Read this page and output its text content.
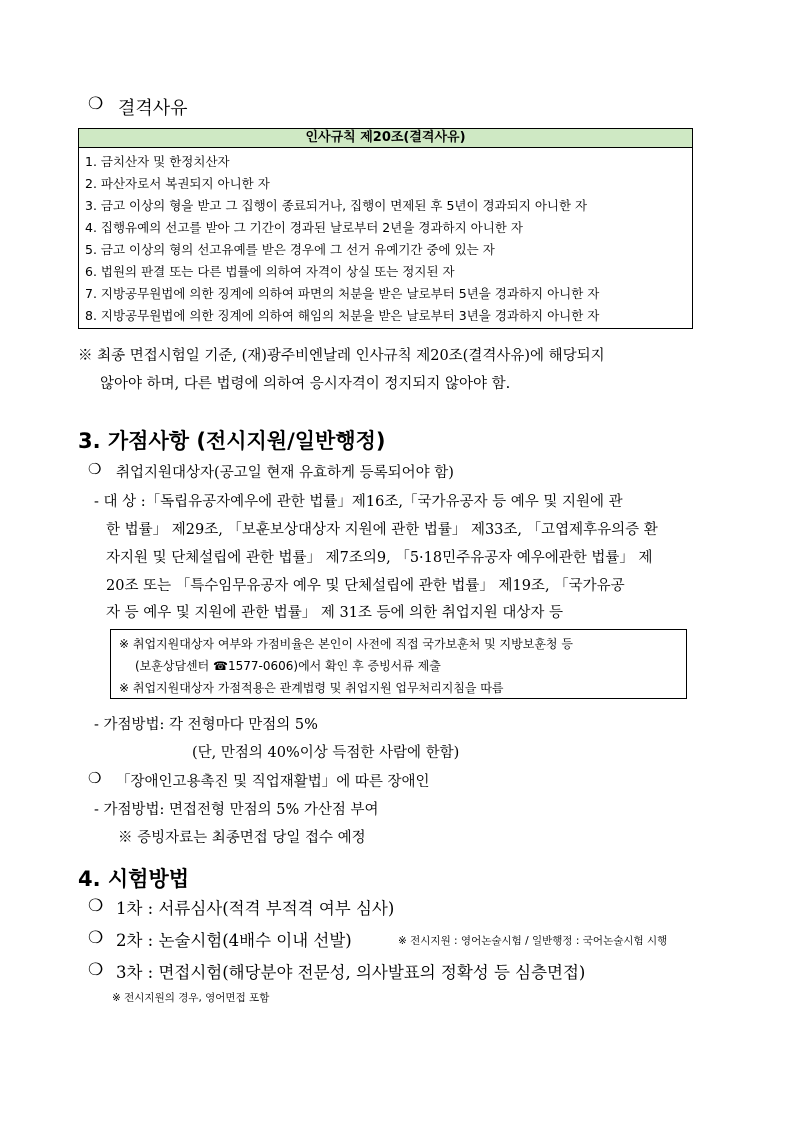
❍ 결격사유
인사규칙 제20조(결격사유)
1. 금치산자 및 한정치산자
2. 파산자로서 복권되지 아니한 자
3. 금고 이상의 형을 받고 그 집행이 종료되거나, 집행이 면제된 후 5년이 경과되지 아니한 자
4. 집행유예의 선고를 받아 그 기간이 경과된 날로부터 2년을 경과하지 아니한 자
5. 금고 이상의 형의 선고유예를 받은 경우에 그 선거 유예기간 중에 있는 자
6. 법원의 판결 또는 다른 법률에 의하여 자격이 상실 또는 정지된 자
7. 지방공무원법에 의한 징계에 의하여 파면의 처분을 받은 날로부터 5년을 경과하지 아니한 자
8. 지방공무원법에 의한 징계에 의하여 해임의 처분을 받은 날로부터 3년을 경과하지 아니한 자
※ 최종 면접시험일 기준, (재)광주비엔날레 인사규칙 제20조(결격사유)에 해당되지
않아야 하며, 다른 법령에 의하여 응시자격이 정지되지 않아야 함.
3. 가점사항 (전시지원/일반행정)
❍ 취업지원대상자(공고일 현재 유효하게 등록되어야 함)
- 대 상 :「독립유공자예우에 관한 법률」제16조,「국가유공자 등 예우 및 지원에 관
한 법률」 제29조, 「보훈보상대상자 지원에 관한 법률」 제33조, 「고엽제후유의증 환
자지원 및 단체설립에 관한 법률」 제7조의9, 「5·18민주유공자 예우에관한 법률」 제
20조 또는 「특수임무유공자 예우 및 단체설립에 관한 법률」 제19조, 「국가유공
자 등 예우 및 지원에 관한 법률」 제 31조 등에 의한 취업지원 대상자 등
※ 취업지원대상자 여부와 가점비율은 본인이 사전에 직접 국가보훈처 및 지방보훈청 등
(보훈상담센터 ☎1577-0606)에서 확인 후 증빙서류 제출
※ 취업지원대상자 가점적용은 관계법령 및 취업지원 업무처리지침을 따름
- 가점방법: 각 전형마다 만점의 5%
(단, 만점의 40%이상 득점한 사람에 한함)
❍ 「장애인고용촉진 및 직업재활법」에 따른 장애인
- 가점방법: 면접전형 만점의 5% 가산점 부여
※ 증빙자료는 최종면접 당일 접수 예정
4. 시험방법
❍ 1차 : 서류심사(적격 부적격 여부 심사)
❍ 2차 : 논술시험(4배수 이내 선발)	※ 전시지원 : 영어논술시험 / 일반행정 : 국어논술시험 시행
❍ 3차 : 면접시험(해당분야 전문성, 의사발표의 정확성 등 심층면접)
※ 전시지원의 경우, 영어면접 포함
